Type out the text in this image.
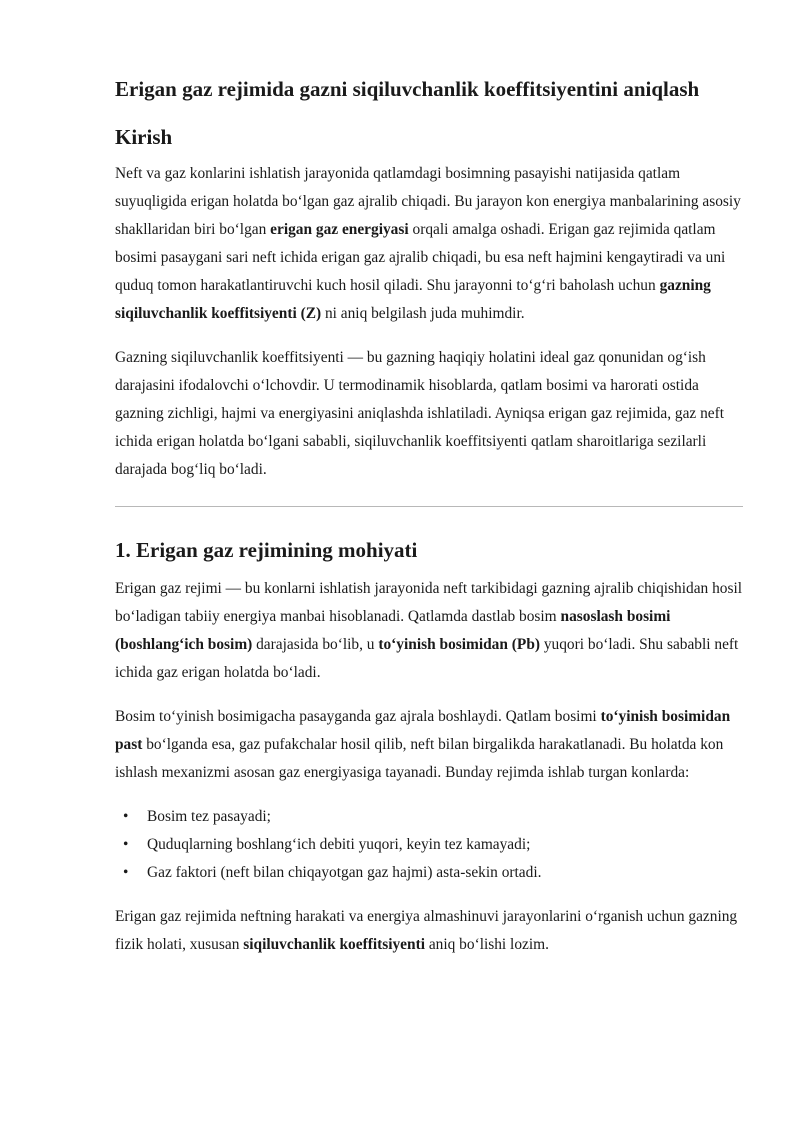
Erigan gaz rejimida gazni siqiluvchanlik koeffitsiyentini aniqlash
Kirish

Neft va gaz konlarini ishlatish jarayonida qatlamdagi bosimning pasayishi natijasida qatlam suyuqligida erigan holatda bo‘lgan gaz ajralib chiqadi. Bu jarayon kon energiya manbalarining asosiy shakllaridan biri bo‘lgan erigan gaz energiyasi orqali amalga oshadi. Erigan gaz rejimida qatlam bosimi pasaygani sari neft ichida erigan gaz ajralib chiqadi, bu esa neft hajmini kengaytiradi va uni quduq tomon harakatlantiruvchi kuch hosil qiladi. Shu jarayonni to‘g‘ri baholash uchun gazning siqiluvchanlik koeffitsiyenti (Z) ni aniq belgilash juda muhimdir.

Gazning siqiluvchanlik koeffitsiyenti — bu gazning haqiqiy holatini ideal gaz qonunidan og‘ish darajasini ifodalovchi o‘lchovdir. U termodinamik hisoblarda, qatlam bosimi va harorati ostida gazning zichligi, hajmi va energiyasini aniqlashda ishlatiladi. Ayniqsa erigan gaz rejimida, gaz neft ichida erigan holatda bo‘lgani sababli, siqiluvchanlik koeffitsiyenti qatlam sharoitlariga sezilarli darajada bog‘liq bo‘ladi.

1. Erigan gaz rejimining mohiyati

Erigan gaz rejimi — bu konlarni ishlatish jarayonida neft tarkibidagi gazning ajralib chiqishidan hosil bo‘ladigan tabiiy energiya manbai hisoblanadi. Qatlamda dastlab bosim nasoslash bosimi (boshlang‘ich bosim) darajasida bo‘lib, u to‘yinish bosimidan (Pb) yuqori bo‘ladi. Shu sababli neft ichida gaz erigan holatda bo‘ladi.

Bosim to‘yinish bosimigacha pasayganda gaz ajrala boshlaydi. Qatlam bosimi to‘yinish bosimidan past bo‘lganda esa, gaz pufakchalar hosil qilib, neft bilan birgalikda harakatlanadi. Bu holatda kon ishlash mexanizmi asosan gaz energiyasiga tayanadi. Bunday rejimda ishlab turgan konlarda:

• Bosim tez pasayadi;
• Quduqlarning boshlang‘ich debiti yuqori, keyin tez kamayadi;
• Gaz faktori (neft bilan chiqayotgan gaz hajmi) asta-sekin ortadi.

Erigan gaz rejimida neftning harakati va energiya almashinuvi jarayonlarini o‘rganish uchun gazning fizik holati, xususan siqiluvchanlik koeffitsiyenti aniq bo‘lishi lozim.
